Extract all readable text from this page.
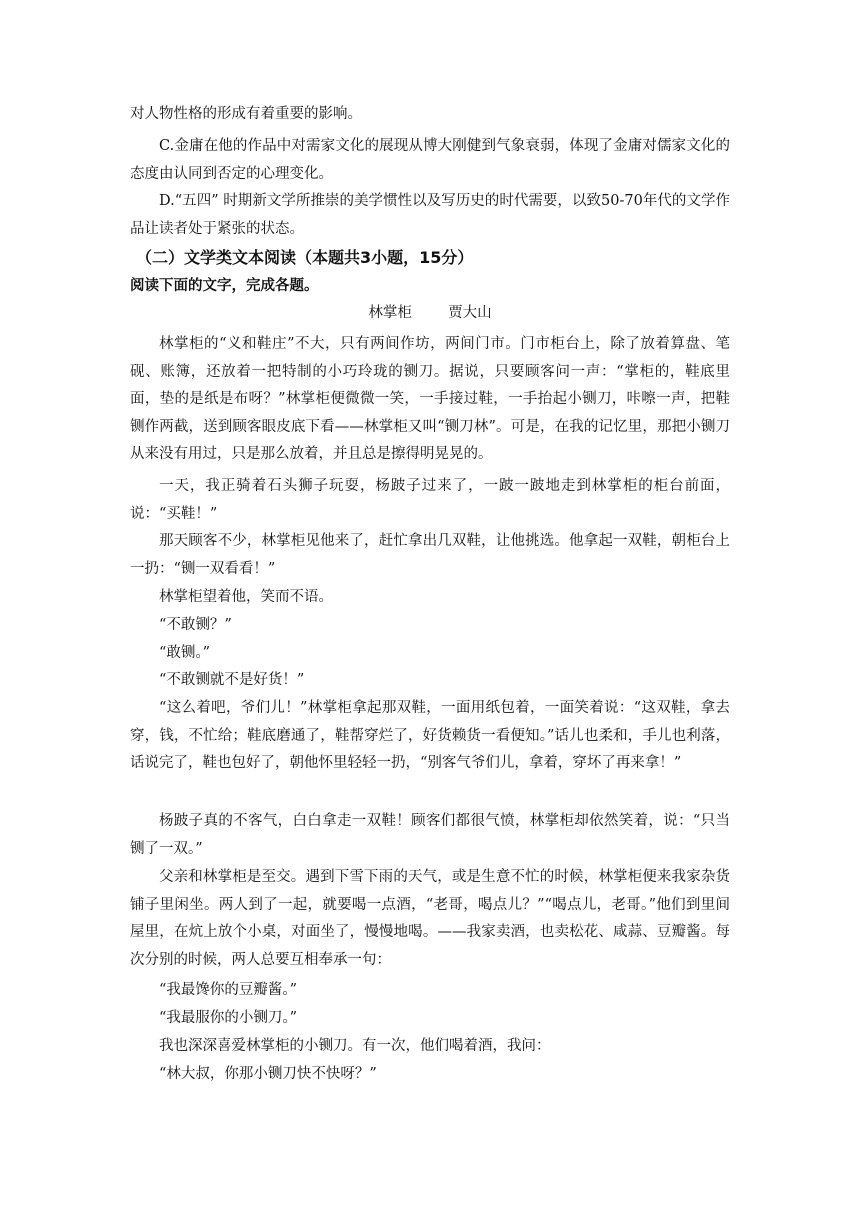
对人物性格的形成有着重要的影响。

C.金庸在他的作品中对需家文化的展现从博大刚健到气象衰弱，体现了金庸对儒家文化的态度由认同到否定的心理变化。

D.“五四” 时期新文学所推崇的美学惯性以及写历史的时代需要，以致50-70年代的文学作品让读者处于紧张的状态。

（二）文学类文本阅读（本题共3小题，15分）

阅读下面的文字，完成各题。

林掌柜	贾大山

林掌柜的“义和鞋庄”不大，只有两间作坊，两间门市。门市柜台上，除了放着算盘、笔砚、账簿，还放着一把特制的小巧玲珑的铡刀。据说，只要顾客问一声：“掌柜的，鞋底里面，垫的是纸是布呀？”林掌柜便微微一笑，一手接过鞋，一手抬起小铡刀，咔嚓一声，把鞋铡作两截，送到顾客眼皮底下看——林掌柜又叫“铡刀林”。可是，在我的记忆里，那把小铡刀从来没有用过，只是那么放着，并且总是擦得明晃晃的。

一天，我正骑着石头狮子玩耍，杨跛子过来了，一跛一跛地走到林掌柜的柜台前面，说：“买鞋！”

那天顾客不少，林掌柜见他来了，赶忙拿出几双鞋，让他挑选。他拿起一双鞋，朝柜台上一扔：“铡一双看看！”

林掌柜望着他，笑而不语。

“不敢铡？”

“敢铡。”

“不敢铡就不是好货！”

“这么着吧，爷们儿！”林掌柜拿起那双鞋，一面用纸包着，一面笑着说：“这双鞋，拿去穿，钱，不忙给；鞋底磨通了，鞋帮穿烂了，好货赖货一看便知。”话儿也柔和，手儿也利落，话说完了，鞋也包好了，朝他怀里轻轻一扔，“别客气爷们儿，拿着，穿坏了再来拿！”

杨跛子真的不客气，白白拿走一双鞋！顾客们都很气愤，林掌柜却依然笑着，说：“只当铡了一双。”

父亲和林掌柜是至交。遇到下雪下雨的天气，或是生意不忙的时候，林掌柜便来我家杂货铺子里闲坐。两人到了一起，就要喝一点酒，“老哥，喝点儿？”“喝点儿，老哥。”他们到里间屋里，在炕上放个小桌，对面坐了，慢慢地喝。——我家卖酒，也卖松花、咸蒜、豆瓣酱。每次分别的时候，两人总要互相奉承一句：

“我最馋你的豆瓣酱。”

“我最服你的小铡刀。”

我也深深喜爱林掌柜的小铡刀。有一次，他们喝着酒，我问：

“林大叔，你那小铡刀快不快呀？”
